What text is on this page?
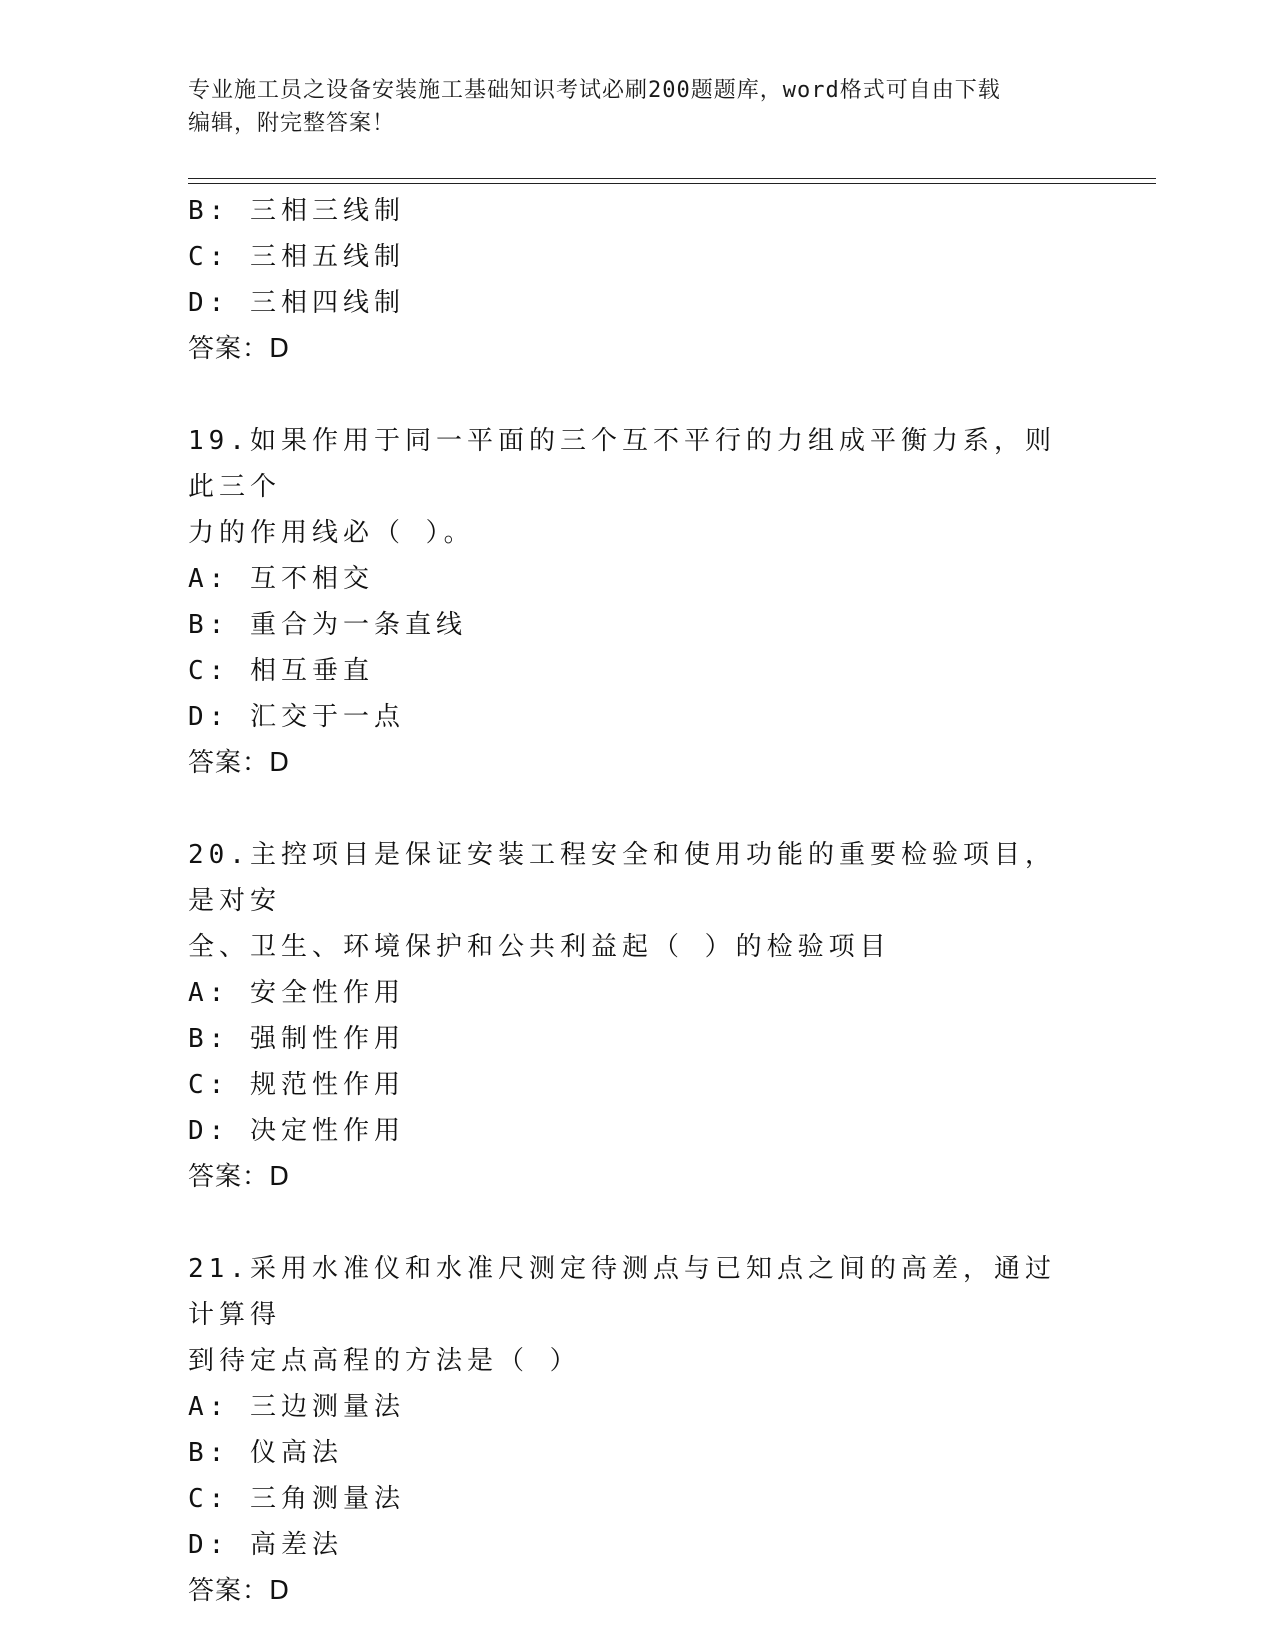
专业施工员之设备安装施工基础知识考试必刷200题题库，word格式可自由下载
编辑，附完整答案！
B: 三相三线制
C: 三相五线制
D: 三相四线制
答案：D
19.如果作用于同一平面的三个互不平行的力组成平衡力系，则此三个
力的作用线必（ ）。
A: 互不相交
B: 重合为一条直线
C: 相互垂直
D: 汇交于一点
答案：D
20.主控项目是保证安装工程安全和使用功能的重要检验项目，是对安
全、卫生、环境保护和公共利益起（ ）的检验项目
A: 安全性作用
B: 强制性作用
C: 规范性作用
D: 决定性作用
答案：D
21.采用水准仪和水准尺测定待测点与已知点之间的高差，通过计算得
到待定点高程的方法是（ ）
A: 三边测量法
B: 仪高法
C: 三角测量法
D: 高差法
答案：D
